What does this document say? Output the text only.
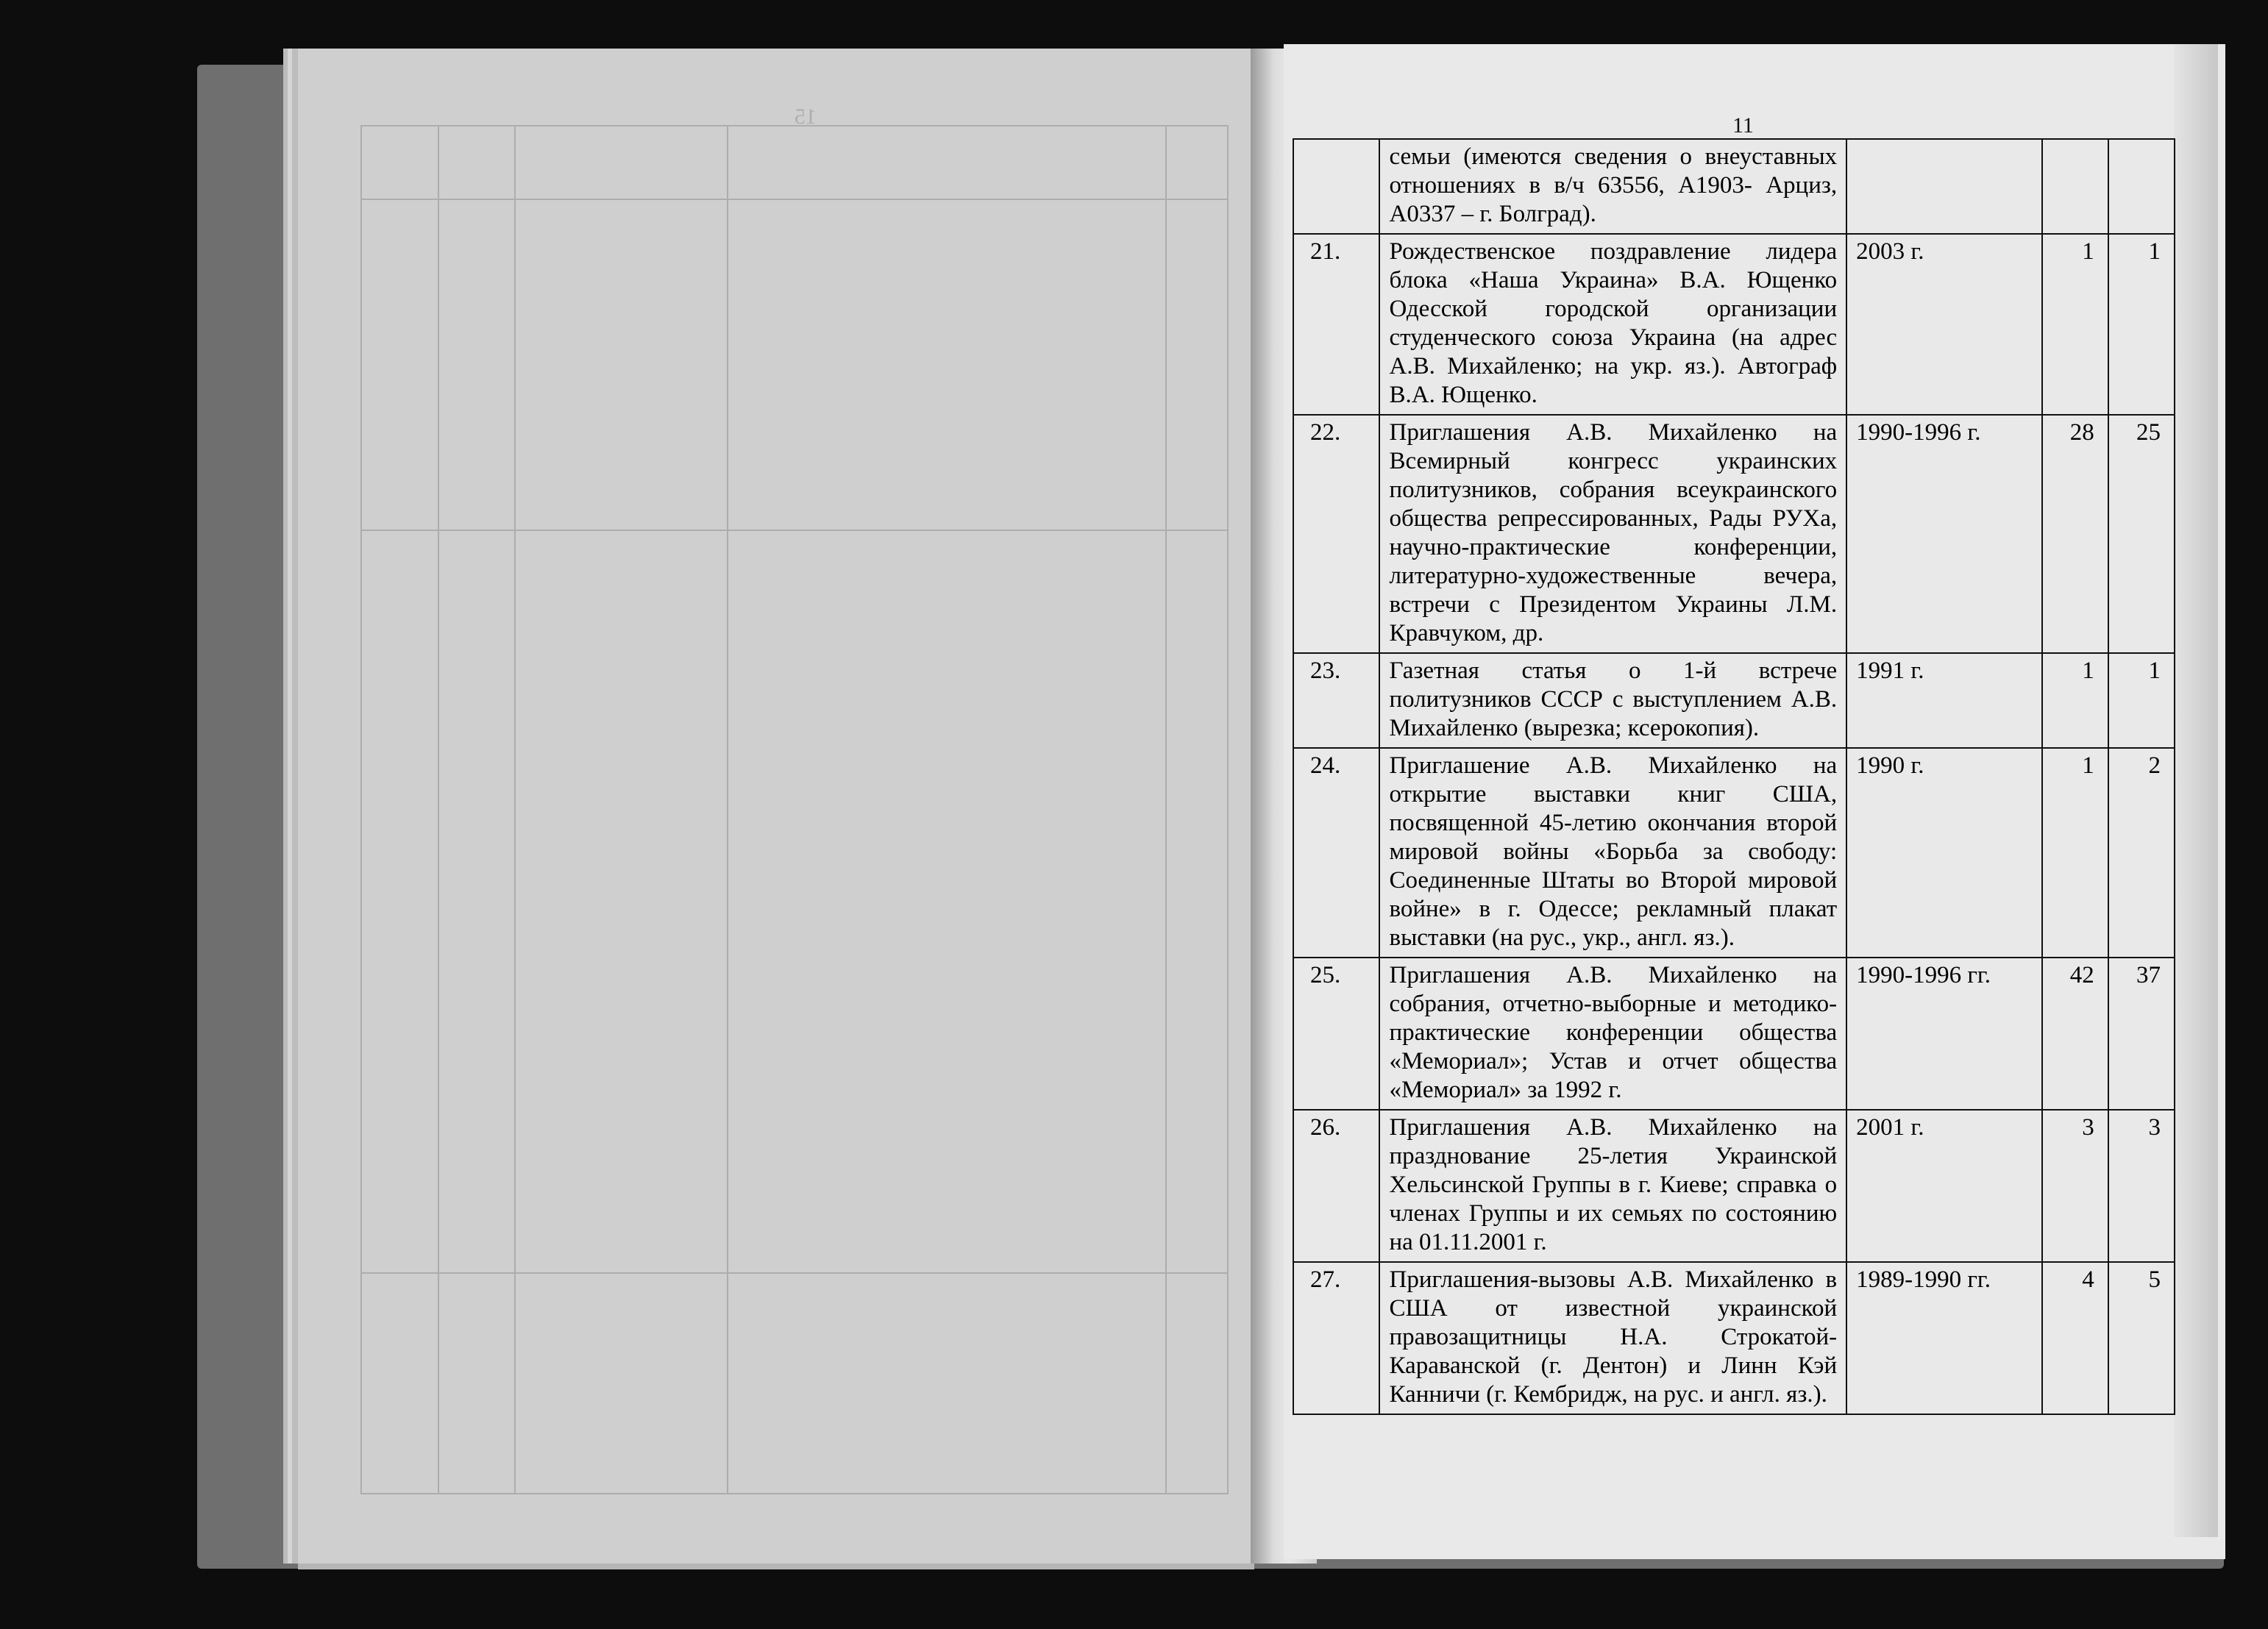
15

					11
	семьи (имеются сведения о внеуставных отношениях в в/ч 63556, А1903- Арциз, А0337 – г. Болград).			
21.	Рождественское поздравление лидера блока «Наша Украина» В.А. Ющенко Одесской городской организации студенческого союза Украина (на адрес А.В. Михайленко; на укр. яз.). Автограф В.А. Ющенко.	2003 г.	1	1
22.	Приглашения А.В. Михайленко на Всемирный конгресс украинских политузников, собрания всеукраинского общества репрессированных, Рады РУХа, научно-практические конференции, литературно-художественные вечера, встречи с Президентом Украины Л.М. Кравчуком, др.	1990-1996 г.	28	25
23.	Газетная статья о 1-й встрече политузников СССР с выступлением А.В. Михайленко (вырезка; ксерокопия).	1991 г.	1	1
24.	Приглашение А.В. Михайленко на открытие выставки книг США, посвященной 45-летию окончания второй мировой войны «Борьба за свободу: Соединенные Штаты во Второй мировой войне» в г. Одессе; рекламный плакат выставки (на рус., укр., англ. яз.).	1990 г.	1	2
25.	Приглашения А.В. Михайленко на собрания, отчетно-выборные и методико-практические конференции общества «Мемориал»; Устав и отчет общества «Мемориал» за 1992 г.	1990-1996 гг.	42	37
26.	Приглашения А.В. Михайленко на празднование 25-летия Украинской Хельсинской Группы в г. Киеве; справка о членах Группы и их семьях по состоянию на 01.11.2001 г.	2001 г.	3	3
27.	Приглашения-вызовы А.В. Михайленко в США от известной украинской правозащитницы Н.А. Строкатой-Караванской (г. Дентон) и Линн Кэй Канничи (г. Кембридж, на рус. и англ. яз.).	1989-1990 гг.	4	5
